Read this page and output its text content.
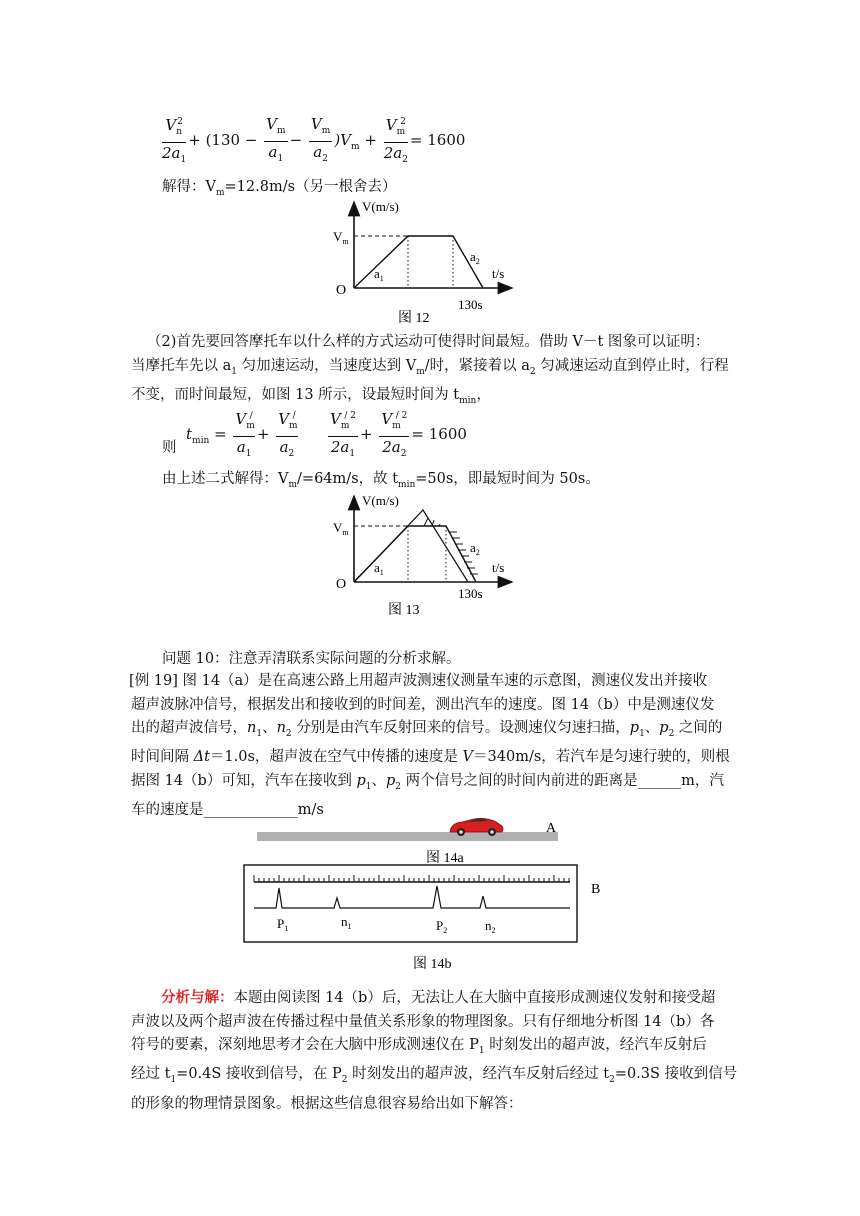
$\frac{V_n^2}{2a_1} + (130 - \frac{V_m}{a_1} - \frac{V_m}{a_2} )V_m + \frac{V_m^2}{2a_2} = 1600$
解得：$V_m=12.8m/s$（另一根舍去）
V(m/s)
$V_m$
$a_1$
$a_2$
t/s
O
130s
图 12
（2)首先要回答摩托车以什么样的方式运动可使得时间最短。借助 V－t 图象可以证明：
当摩托车先以 $a_1$ 匀加速运动，当速度达到 $V_m/$时，紧接着以 $a_2$ 匀减速运动直到停止时，行程
不变，而时间最短，如图 13 所示，设最短时间为 $t_{min}$，
则
$t_{min} = \frac{V_m^/}{a_1} + \frac{V_m^/}{a_2} \frac{V_m^{/ 2}}{2a_1} + \frac{V_m^{/ 2}}{2a_2} = 1600$
由上述二式解得：$V_m/=64m/s$，故 $t_{min}=50s$，即最短时间为 50s。
V(m/s)
$V_m$
$a_1$
$a_2$
t/s
O
130s
图 13
问题 10：注意弄清联系实际问题的分析求解。
[例 19] 图 14（a）是在高速公路上用超声波测速仪测量车速的示意图，测速仪发出并接收
超声波脉冲信号，根据发出和接收到的时间差，测出汽车的速度。图 14（b）中是测速仪发
出的超声波信号，$n_1$、$n_2$ 分别是由汽车反射回来的信号。设测速仪匀速扫描，$p_1$、$p_2$ 之间的
时间间隔 Δt＝1.0s，超声波在空气中传播的速度是 V＝340m/s，若汽车是匀速行驶的，则根
据图 14（b）可知，汽车在接收到 $p_1$、$p_2$ 两个信号之间的时间内前进的距离是______m，汽
车的速度是_____________m/s
A
图 14a
B
$P_1$	$n_1$	$P_2$	$n_2$
图 14b
分析与解：本题由阅读图 14（b）后，无法让人在大脑中直接形成测速仪发射和接受超
声波以及两个超声波在传播过程中量值关系形象的物理图象。只有仔细地分析图 14（b）各
符号的要素，深刻地思考才会在大脑中形成测速仪在 $P_1$ 时刻发出的超声波，经汽车反射后
经过 $t_1=0.4S$ 接收到信号，在 $P_2$ 时刻发出的超声波，经汽车反射后经过 $t_2=0.3S$ 接收到信号
的形象的物理情景图象。根据这些信息很容易给出如下解答：
